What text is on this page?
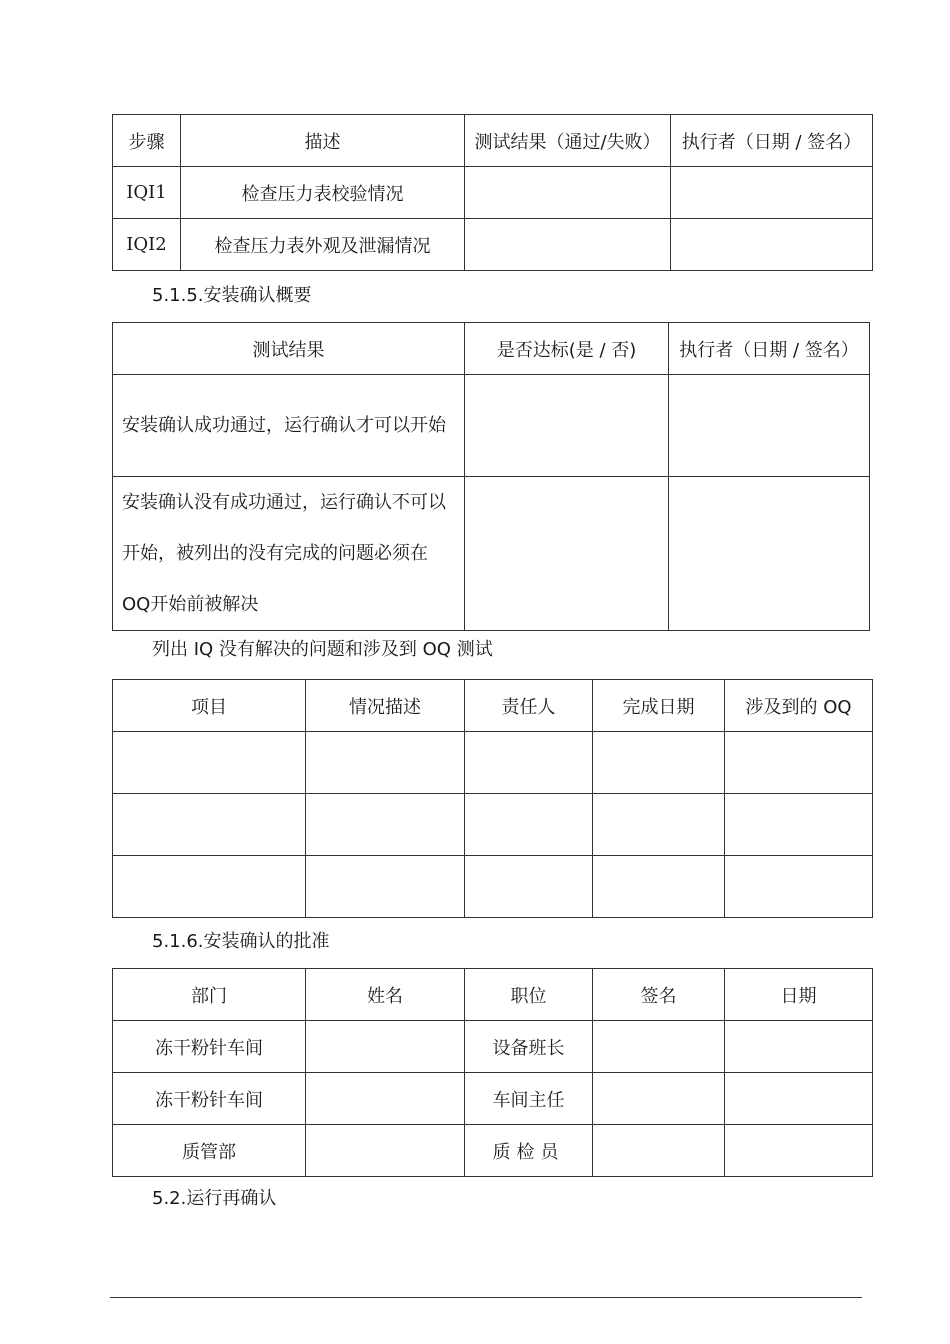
步骤	描述	测试结果（通过/失败）	执行者（日期 / 签名）
IQI1	检查压力表校验情况		
IQI2	检查压力表外观及泄漏情况		
5.1.5.安装确认概要
测试结果	是否达标(是 / 否)	执行者（日期 / 签名）
安装确认成功通过，运行确认才可以开始		
安装确认没有成功通过，运行确认不可以开始，被列出的没有完成的问题必须在OQ开始前被解决		
列出 IQ 没有解决的问题和涉及到 OQ 测试
项目	情况描述	责任人	完成日期	涉及到的 OQ

5.1.6.安装确认的批准
部门	姓名	职位	签名	日期
冻干粉针车间		设备班长		
冻干粉针车间		车间主任		
质管部		质检员		
5.2.运行再确认
